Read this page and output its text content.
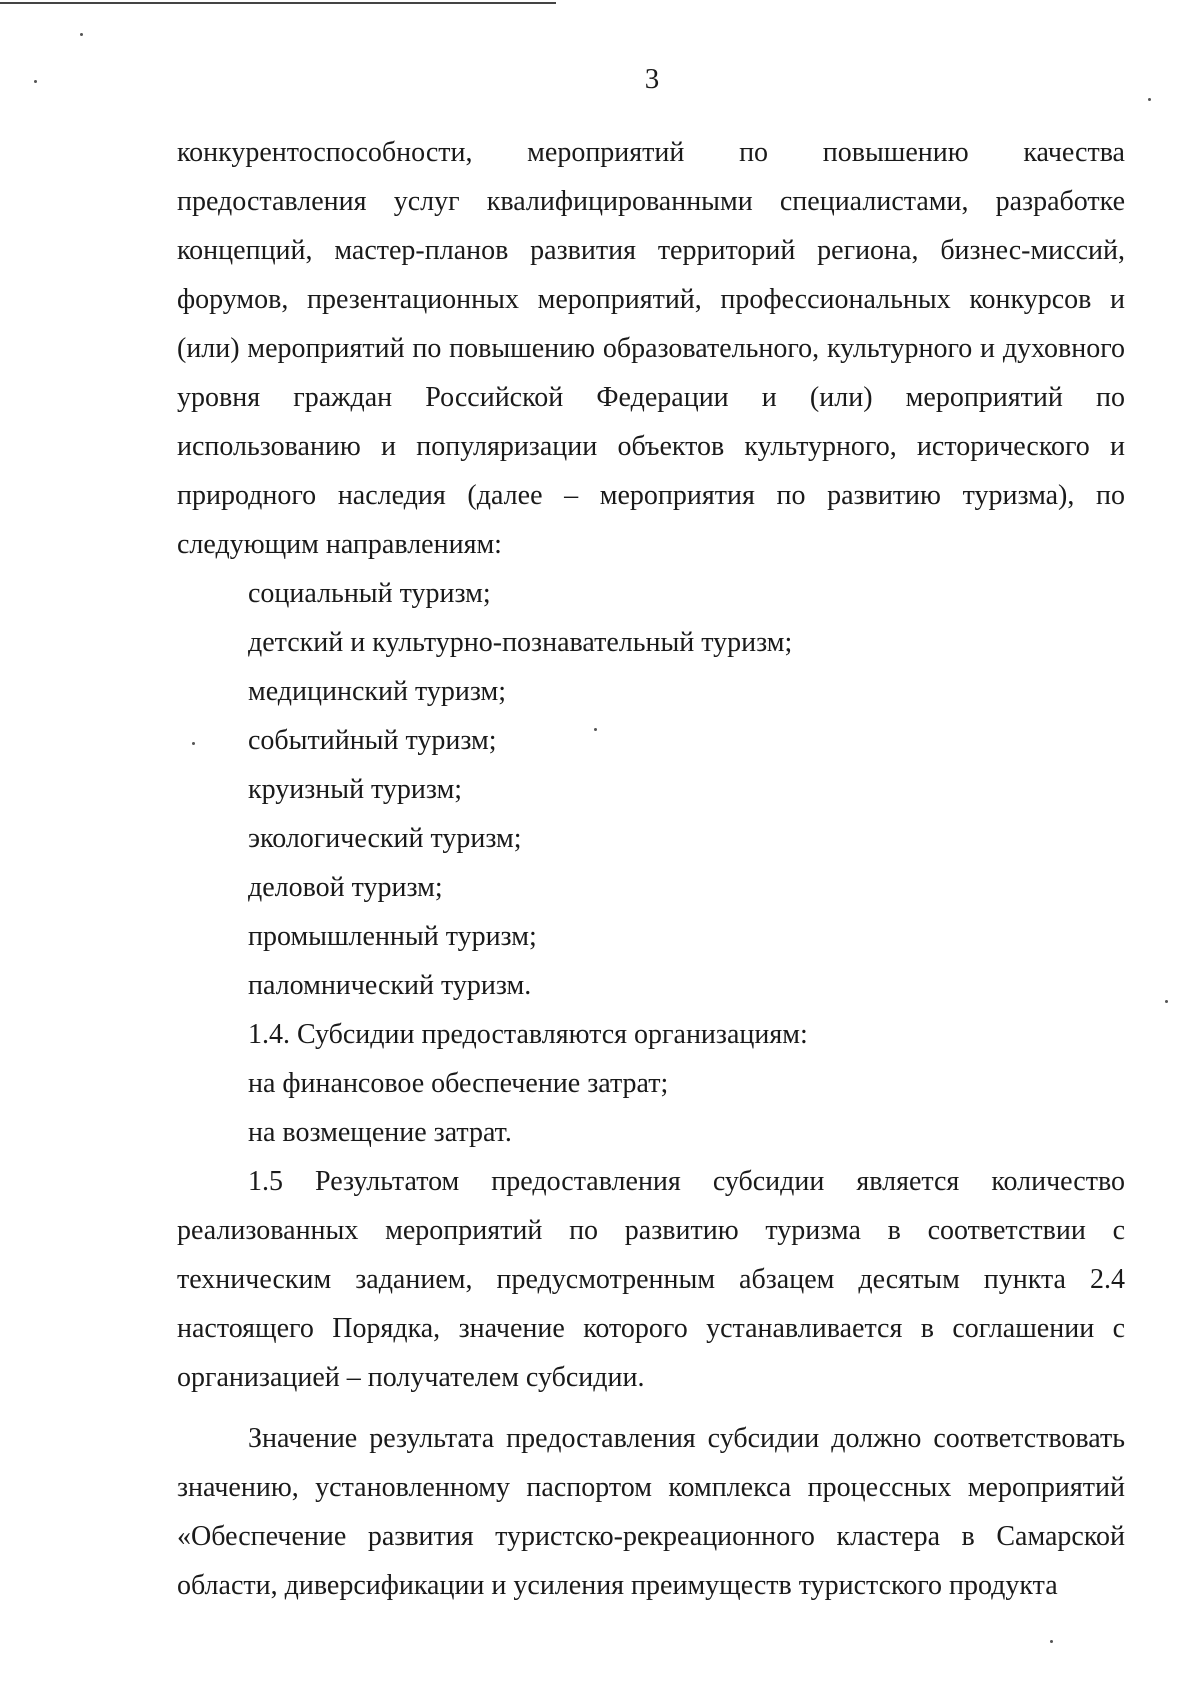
3

конкурентоспособности, мероприятий по повышению качества предоставления услуг квалифицированными специалистами, разработке концепций, мастер-планов развития территорий региона, бизнес-миссий, форумов, презентационных мероприятий, профессиональных конкурсов и (или) мероприятий по повышению образовательного, культурного и духовного уровня граждан Российской Федерации и (или) мероприятий по использованию и популяризации объектов культурного, исторического и природного наследия (далее – мероприятия по развитию туризма), по следующим направлениям:

социальный туризм;

детский и культурно-познавательный туризм;

медицинский туризм;

событийный туризм;

круизный туризм;

экологический туризм;

деловой туризм;

промышленный туризм;

паломнический туризм.

1.4. Субсидии предоставляются организациям:

на финансовое обеспечение затрат;

на возмещение затрат.

1.5 Результатом предоставления субсидии является количество реализованных мероприятий по развитию туризма в соответствии с техническим заданием, предусмотренным абзацем десятым пункта 2.4 настоящего Порядка, значение которого устанавливается в соглашении с организацией – получателем субсидии.

Значение результата предоставления субсидии должно соответствовать значению, установленному паспортом комплекса процессных мероприятий «Обеспечение развития туристско-рекреационного кластера в Самарской области, диверсификации и усиления преимуществ туристского продукта
